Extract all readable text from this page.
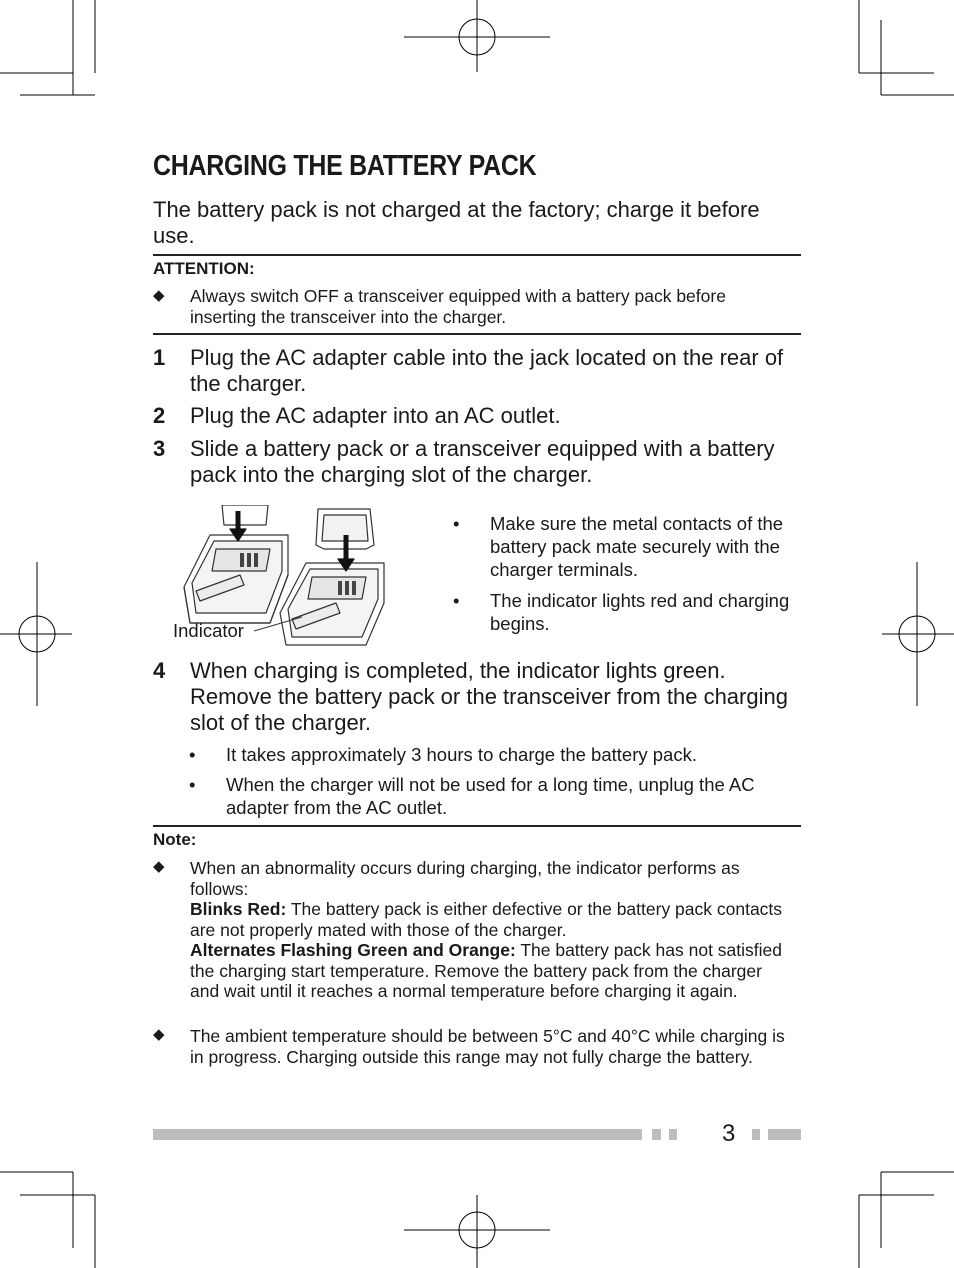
CHARGING THE BATTERY PACK

The battery pack is not charged at the factory; charge it before use.

ATTENTION:

◆ Always switch OFF a transceiver equipped with a battery pack before inserting the transceiver into the charger.
1 Plug the AC adapter cable into the jack located on the rear of the charger.
2 Plug the AC adapter into an AC outlet.
3 Slide a battery pack or a transceiver equipped with a battery pack into the charging slot of the charger.
Indicator
• Make sure the metal contacts of the battery pack mate securely with the charger terminals.
• The indicator lights red and charging begins.
4 When charging is completed, the indicator lights green. Remove the battery pack or the transceiver from the charging slot of the charger.
• It takes approximately 3 hours to charge the battery pack.
• When the charger will not be used for a long time, unplug the AC adapter from the AC outlet.

Note:

◆ When an abnormality occurs during charging, the indicator performs as follows:
Blinks Red: The battery pack is either defective or the battery pack contacts are not properly mated with those of the charger.
Alternates Flashing Green and Orange: The battery pack has not satisfied the charging start temperature. Remove the battery pack from the charger and wait until it reaches a normal temperature before charging it again.
◆ The ambient temperature should be between 5°C and 40°C while charging is in progress. Charging outside this range may not fully charge the battery.
3
